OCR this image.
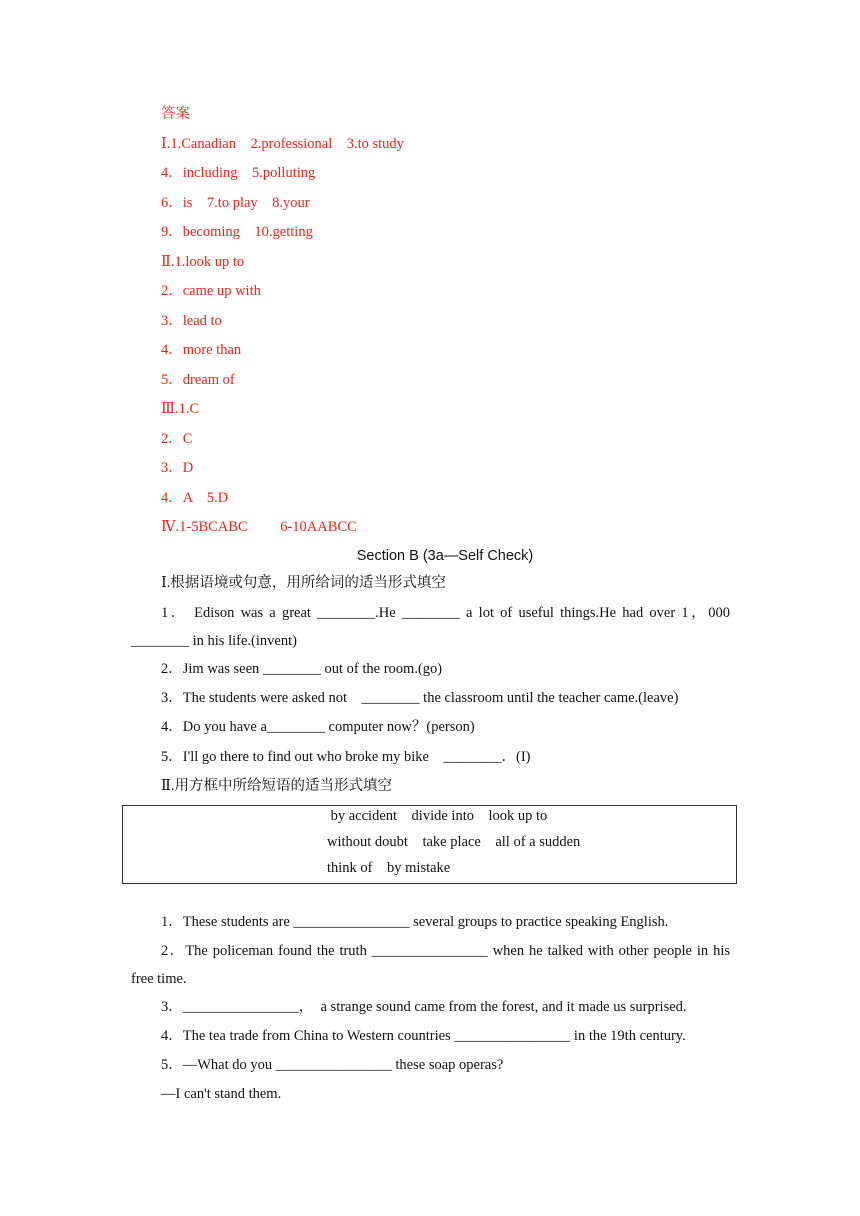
答案
Ⅰ.1.Canadian　2.professional　3.to study
4．including　5.polluting
6．is　7.to play　8.your
9．becoming　10.getting
Ⅱ.1.look up to
2．came up with
3．lead to
4．more than
5．dream of
Ⅲ.1.C
2．C
3．D
4．A　5.D
Ⅳ.1-5BCABC　　 6-10AABCC
Section B (3a—Self Check)
Ⅰ.根据语境或句意，用所给词的适当形式填空
1． Edison was a great ________.He ________ a lot of useful things.He had over 1，000
________ in his life.(invent)
2．Jim was seen ________ out of the room.(go)
3．The students were asked not　________ the classroom until the teacher came.(leave)
4．Do you have a________ computer now？(person)
5．I'll go there to find out who broke my bike　________．(I)
Ⅱ.用方框中所给短语的适当形式填空
by accident　divide into　look up to
without doubt　take place　all of a sudden
think of　by mistake
1．These students are ________________ several groups to practice speaking English.
2．The policeman found the truth ________________ when he talked with other people in his
free time.
3．________________，　a strange sound came from the forest, and it made us surprised.
4．The tea trade from China to Western countries ________________ in the 19th century.
5．—What do you ________________ these soap operas?
—I can't stand them.
